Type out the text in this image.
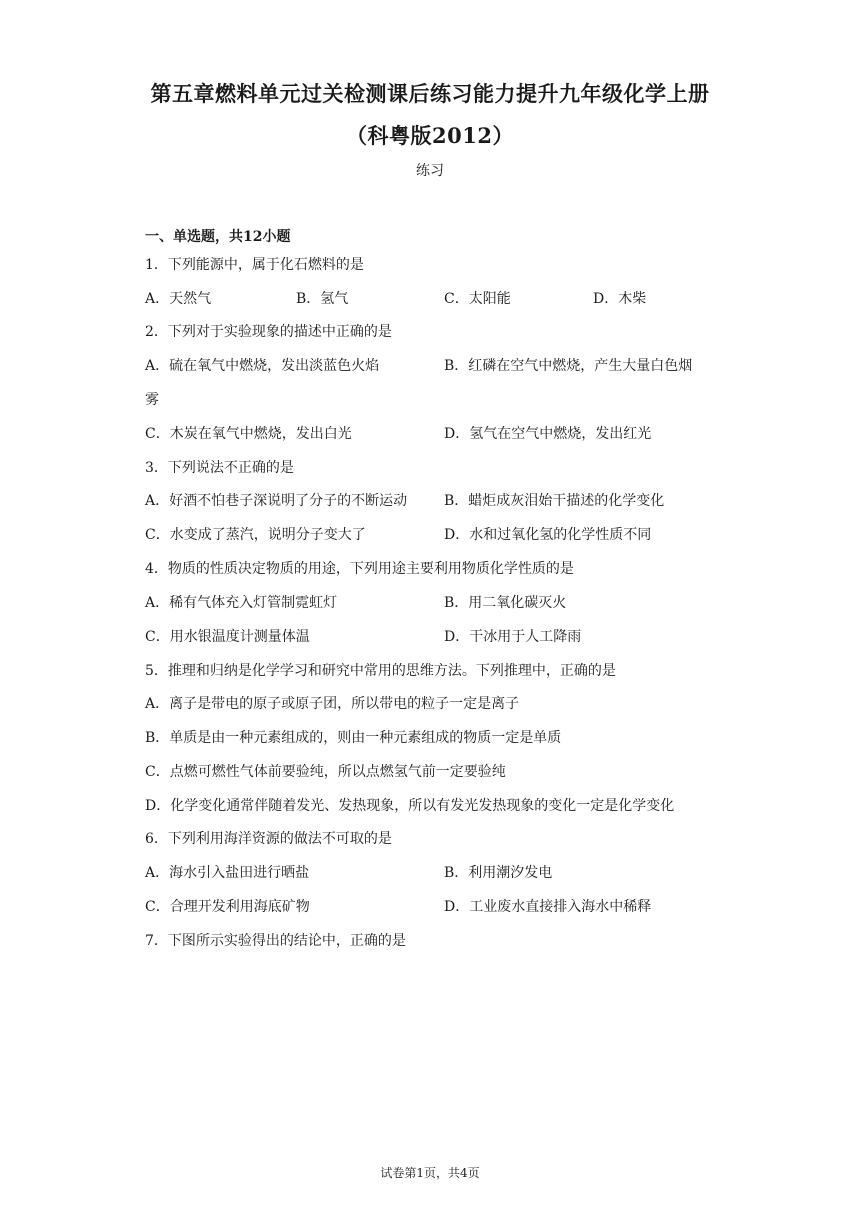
第五章燃料单元过关检测课后练习能力提升九年级化学上册
（科粤版2012）
练习
一、单选题，共12小题
1．下列能源中，属于化石燃料的是
A．天然气	B．氢气	C．太阳能	D．木柴
2．下列对于实验现象的描述中正确的是
A．硫在氧气中燃烧，发出淡蓝色火焰	B．红磷在空气中燃烧，产生大量白色烟
雾
C．木炭在氧气中燃烧，发出白光	D．氢气在空气中燃烧，发出红光
3．下列说法不正确的是
A．好酒不怕巷子深说明了分子的不断运动	B．蜡炬成灰泪始干描述的化学变化
C．水变成了蒸汽，说明分子变大了	D．水和过氧化氢的化学性质不同
4．物质的性质决定物质的用途，下列用途主要利用物质化学性质的是
A．稀有气体充入灯管制霓虹灯	B．用二氧化碳灭火
C．用水银温度计测量体温	D．干冰用于人工降雨
5．推理和归纳是化学学习和研究中常用的思维方法。下列推理中，正确的是
A．离子是带电的原子或原子团，所以带电的粒子一定是离子
B．单质是由一种元素组成的，则由一种元素组成的物质一定是单质
C．点燃可燃性气体前要验纯，所以点燃氢气前一定要验纯
D．化学变化通常伴随着发光、发热现象，所以有发光发热现象的变化一定是化学变化
6．下列利用海洋资源的做法不可取的是
A．海水引入盐田进行晒盐	B．利用潮汐发电
C．合理开发利用海底矿物	D．工业废水直接排入海水中稀释
7．下图所示实验得出的结论中，正确的是
试卷第1页，共4页
